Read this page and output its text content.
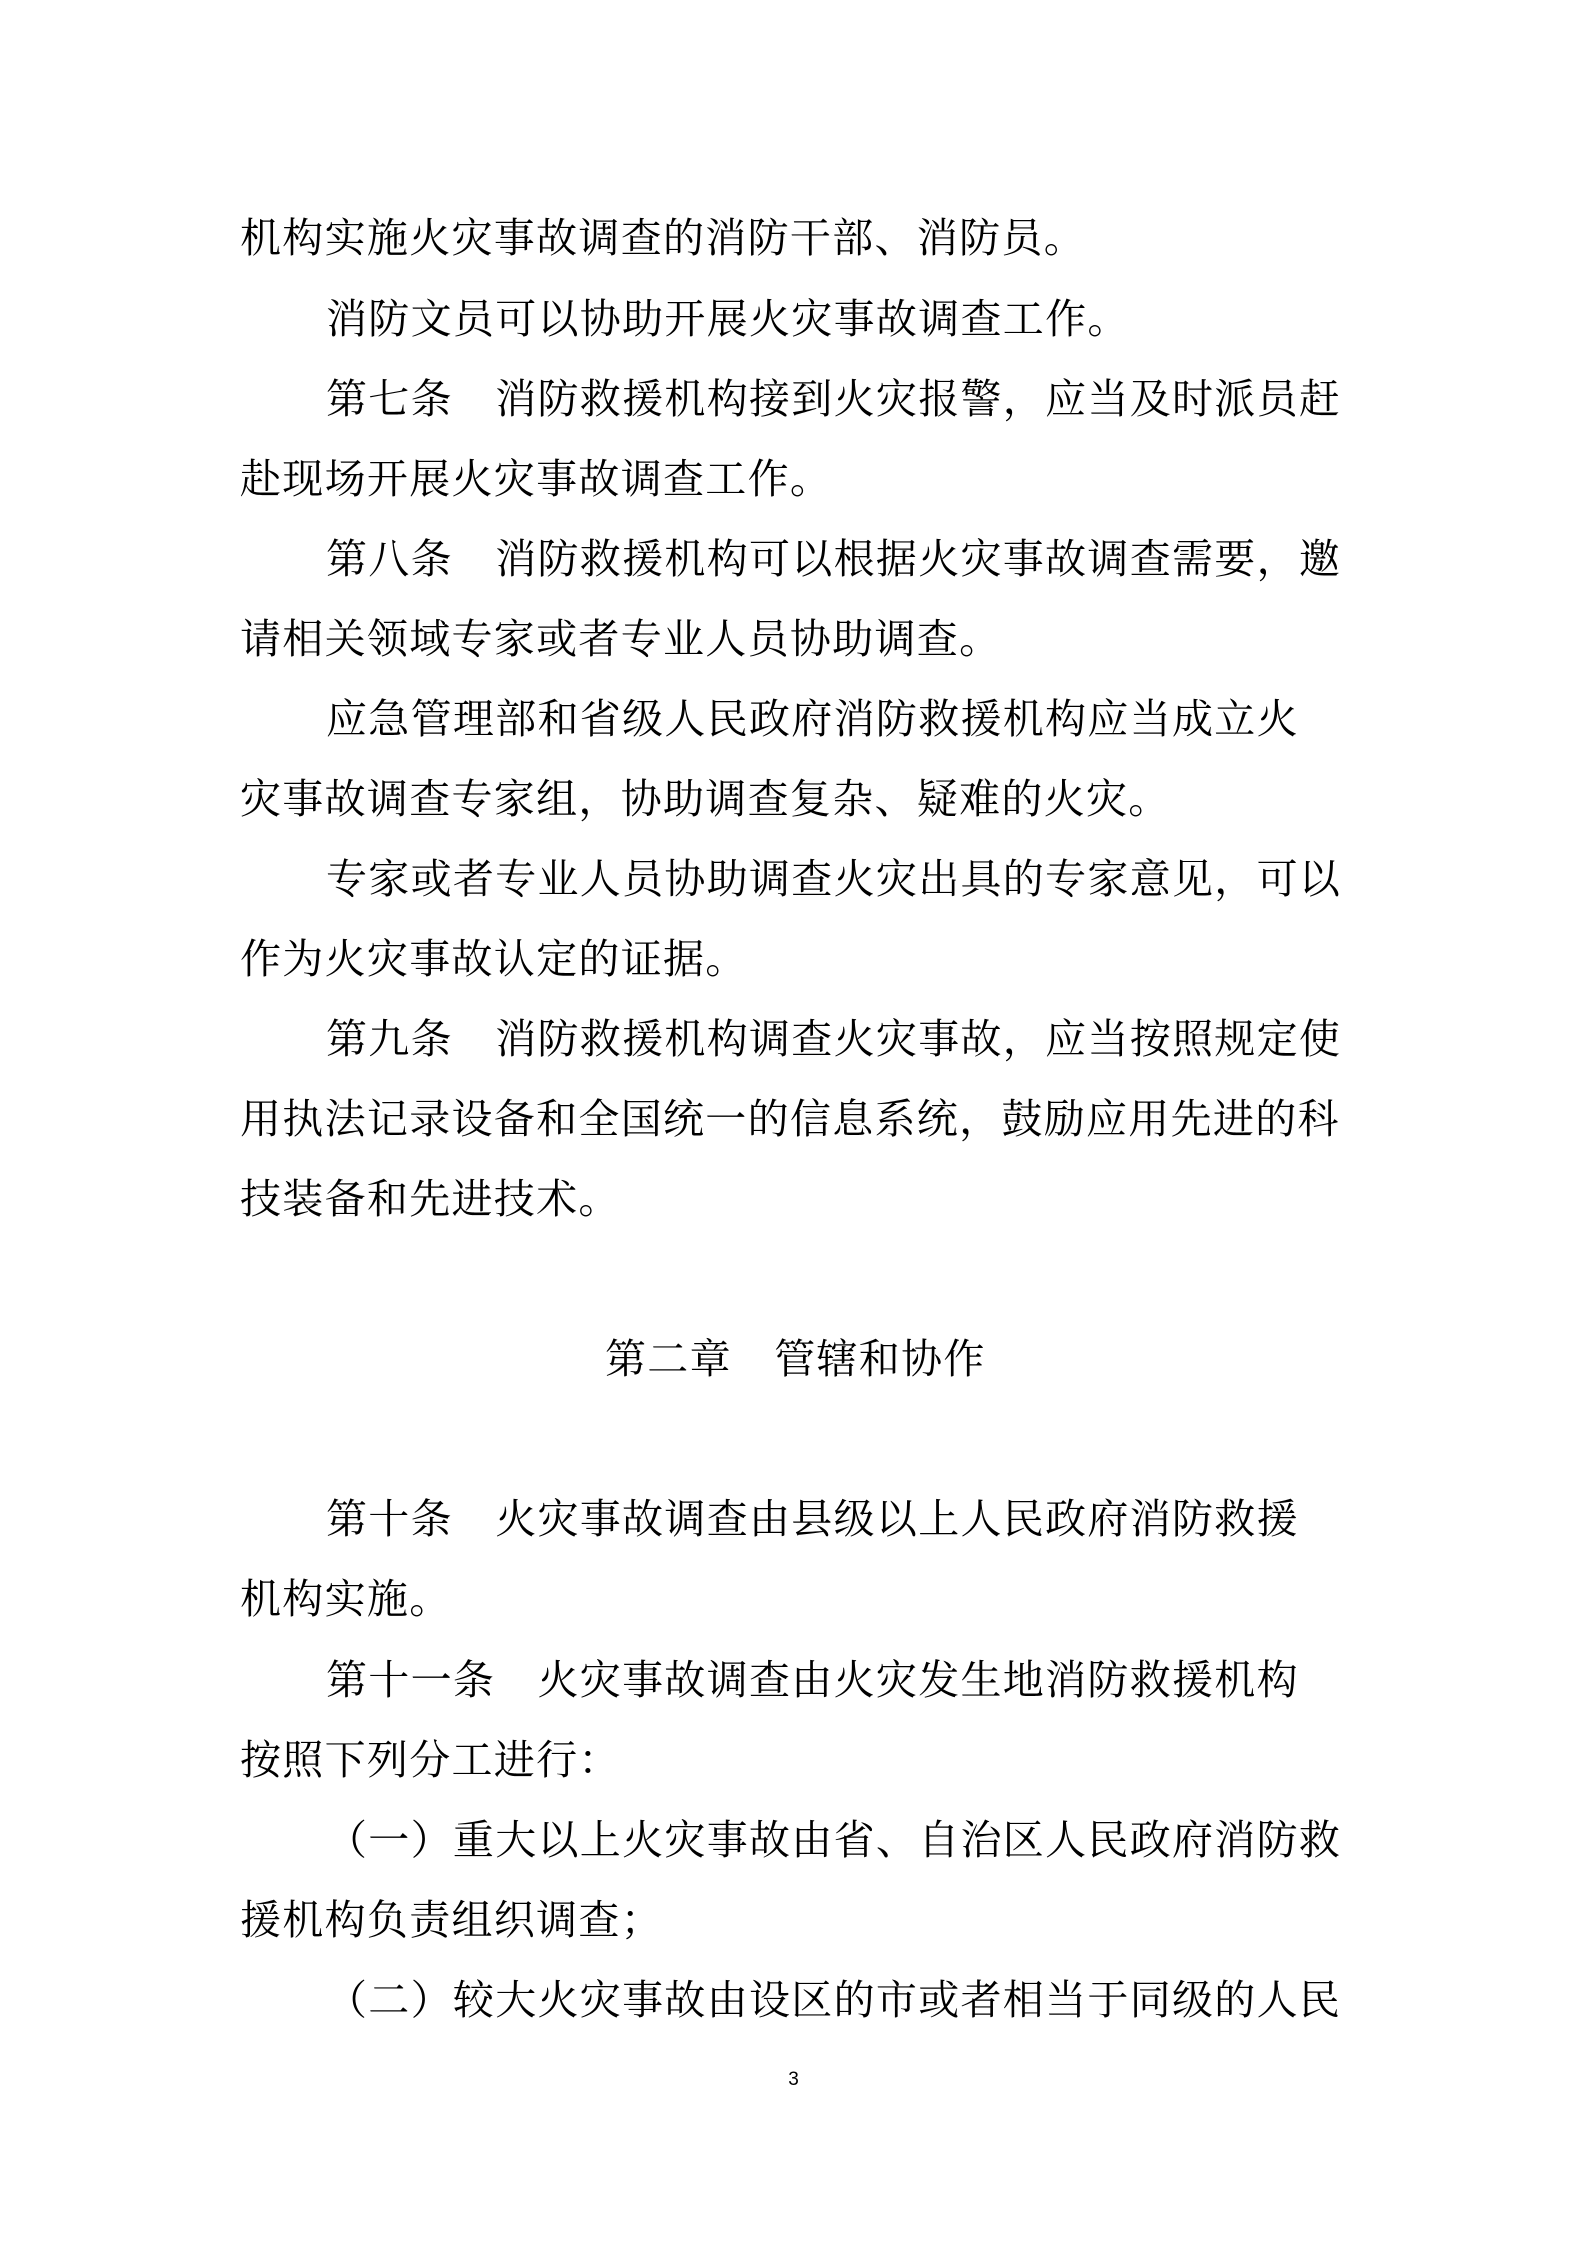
机构实施火灾事故调查的消防干部、消防员。
消防文员可以协助开展火灾事故调查工作。
第七条　消防救援机构接到火灾报警，应当及时派员赶
赴现场开展火灾事故调查工作。
第八条　消防救援机构可以根据火灾事故调查需要，邀
请相关领域专家或者专业人员协助调查。
应急管理部和省级人民政府消防救援机构应当成立火
灾事故调查专家组，协助调查复杂、疑难的火灾。
专家或者专业人员协助调查火灾出具的专家意见，可以
作为火灾事故认定的证据。
第九条　消防救援机构调查火灾事故，应当按照规定使
用执法记录设备和全国统一的信息系统，鼓励应用先进的科
技装备和先进技术。
第二章　管辖和协作
第十条　火灾事故调查由县级以上人民政府消防救援
机构实施。
第十一条　火灾事故调查由火灾发生地消防救援机构
按照下列分工进行：
（一）重大以上火灾事故由省、自治区人民政府消防救
援机构负责组织调查；
（二）较大火灾事故由设区的市或者相当于同级的人民
3
